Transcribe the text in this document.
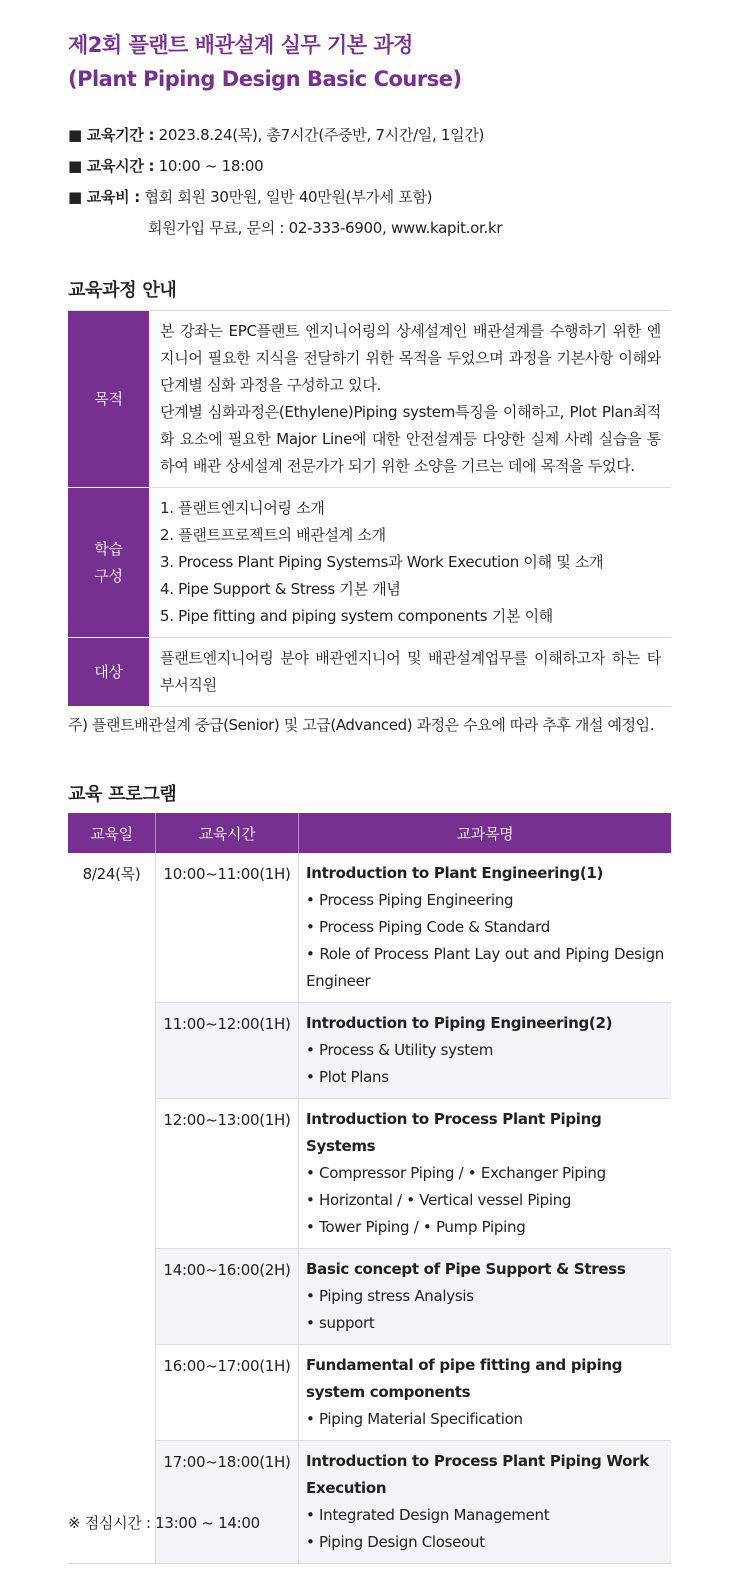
제2회 플랜트 배관설계 실무 기본 과정
(Plant Piping Design Basic Course)
■ 교육기간 : 2023.8.24(목), 총7시간(주중반, 7시간/일, 1일간)
■ 교육시간 : 10:00 ~ 18:00
■ 교육비 : 협회 회원 30만원, 일반 40만원(부가세 포함)
회원가입 무료, 문의 : 02-333-6900, www.kapit.or.kr
교육과정 안내
목적	본 강좌는 EPC플랜트 엔지니어링의 상세설계인 배관설계를 수행하기 위한 엔지니어 필요한 지식을 전달하기 위한 목적을 두었으며 과정을 기본사항 이해와 단계별 심화 과정을 구성하고 있다.
단계별 심화과정은(Ethylene)Piping system특징을 이해하고, Plot Plan최적화 요소에 필요한 Major Line에 대한 안전설계등 다양한 실제 사례 실습을 통하여 배관 상세설계 전문가가 되기 위한 소양을 기르는 데에 목적을 두었다.

학습
구성	1. 플랜트엔지니어링 소개
2. 플랜트프로젝트의 배관설계 소개
3. Process Plant Piping Systems과 Work Execution 이해 및 소개
4. Pipe Support & Stress 기본 개념
5. Pipe fitting and piping system components 기본 이해

대상	플랜트엔지니어링 분야 배관엔지니어 및 배관설계업무를 이해하고자 하는 타 부서직원
주) 플랜트배관설계 중급(Senior) 및 고급(Advanced) 과정은 수요에 따라 추후 개설 예정임.
교육 프로그램
교육일	교육시간	교과목명
8/24(목)	10:00~11:00(1H)	Introduction to Plant Engineering(1)
• Process Piping Engineering
• Process Piping Code & Standard
• Role of Process Plant Lay out and Piping Design Engineer

	11:00~12:00(1H)	Introduction to Piping Engineering(2)
• Process & Utility system
• Plot Plans

	12:00~13:00(1H)	Introduction to Process Plant Piping Systems
• Compressor Piping / • Exchanger Piping
• Horizontal / • Vertical vessel Piping
• Tower Piping / • Pump Piping

	14:00~16:00(2H)	Basic concept of Pipe Support & Stress
• Piping stress Analysis
• support

	16:00~17:00(1H)	Fundamental of pipe fitting and piping system components
• Piping Material Specification

	17:00~18:00(1H)	Introduction to Process Plant Piping Work Execution
• Integrated Design Management
• Piping Design Closeout
※ 점심시간 : 13:00 ~ 14:00
